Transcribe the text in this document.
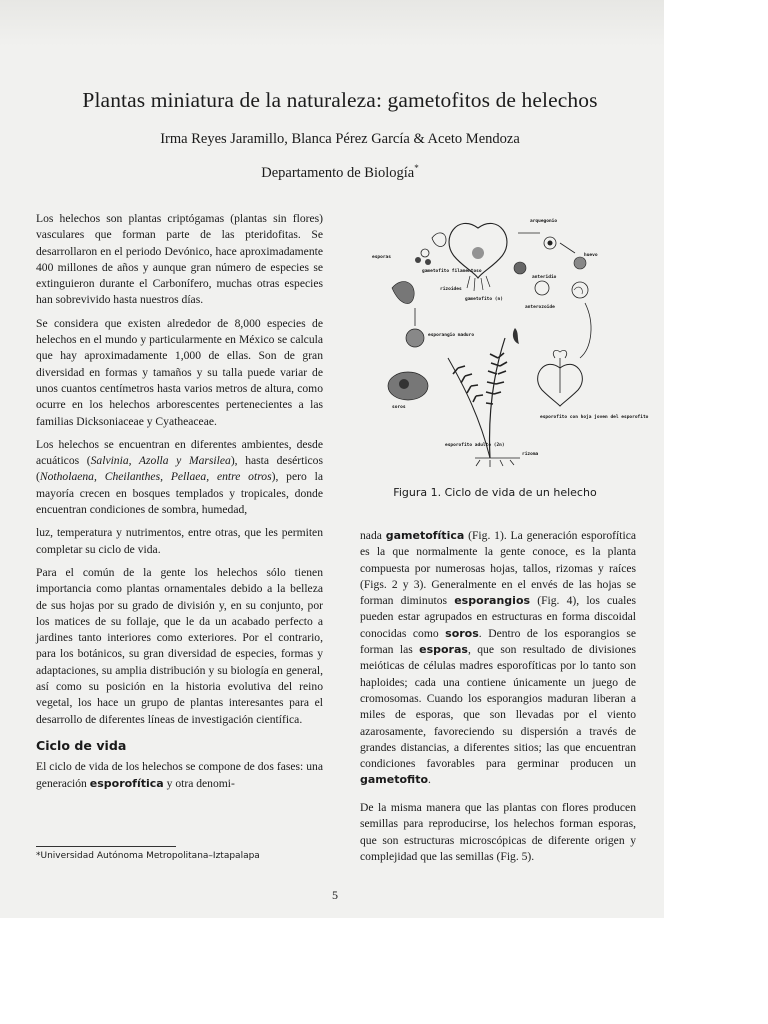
Plantas miniatura de la naturaleza: gametofitos de helechos
Irma Reyes Jaramillo, Blanca Pérez García & Aceto Mendoza
Departamento de Biología*

Los helechos son plantas criptógamas (plantas sin flores) vasculares que forman parte de las pteridofitas. Se desarrollaron en el periodo Devónico, hace aproximadamente 400 millones de años y aunque gran número de especies se extinguieron durante el Carbonífero, muchas otras especies han sobrevivido hasta nuestros días.

Se considera que existen alrededor de 8,000 especies de helechos en el mundo y particularmente en México se calcula que hay aproximadamente 1,000 de ellas. Son de gran diversidad en formas y tamaños y su talla puede variar de unos cuantos centímetros hasta varios metros de altura, como ocurre en los helechos arborescentes pertenecientes a las familias Dicksoniaceae y Cyatheaceae.

Los helechos se encuentran en diferentes ambientes, desde acuáticos (Salvinia, Azolla y Marsilea), hasta desérticos (Notholaena, Cheilanthes, Pellaea, entre otros), pero la mayoría crecen en bosques templados y tropicales, donde encuentran condiciones de sombra, humedad,

luz, temperatura y nutrimentos, entre otras, que les permiten completar su ciclo de vida.

Para el común de la gente los helechos sólo tienen importancia como plantas ornamentales debido a la belleza de sus hojas por su grado de división y, en su conjunto, por los matices de su follaje, que le da un acabado perfecto a jardines tanto interiores como exteriores. Por el contrario, para los botánicos, su gran diversidad de especies, formas y adaptaciones, su amplia distribución y su biología en general, así como su posición en la historia evolutiva del reino vegetal, los hace un grupo de plantas interesantes para el desarrollo de diferentes líneas de investigación científica.

Ciclo de vida

El ciclo de vida de los helechos se compone de dos fases: una generación esporofítica y otra denomi-

*Universidad Autónoma Metropolitana–Iztapalapa
arquegonio
esporas
gametofito filamentoso
rizoides
gametofito (n)
anteridio
huevo
anterozoide
esporangio maduro
soros
esporofito con hoja joven del esporofito
esporofito adulto (2n)
rizoma
Figura 1. Ciclo de vida de un helecho

nada gametofítica (Fig. 1). La generación esporofítica es la que normalmente la gente conoce, es la planta compuesta por numerosas hojas, tallos, rizomas y raíces (Figs. 2 y 3). Generalmente en el envés de las hojas se forman diminutos esporangios (Fig. 4), los cuales pueden estar agrupados en estructuras en forma discoidal conocidas como soros. Dentro de los esporangios se forman las esporas, que son resultado de divisiones meióticas de células madres esporofíticas por lo tanto son haploides; cada una contiene únicamente un juego de cromosomas. Cuando los esporangios maduran liberan a miles de esporas, que son llevadas por el viento azarosamente, favoreciendo su dispersión a través de grandes distancias, a diferentes sitios; las que encuentran condiciones favorables para germinar producen un gametofito.

De la misma manera que las plantas con flores producen semillas para reproducirse, los helechos forman esporas, que son estructuras microscópicas de diferente origen y complejidad que las semillas (Fig. 5).

5
